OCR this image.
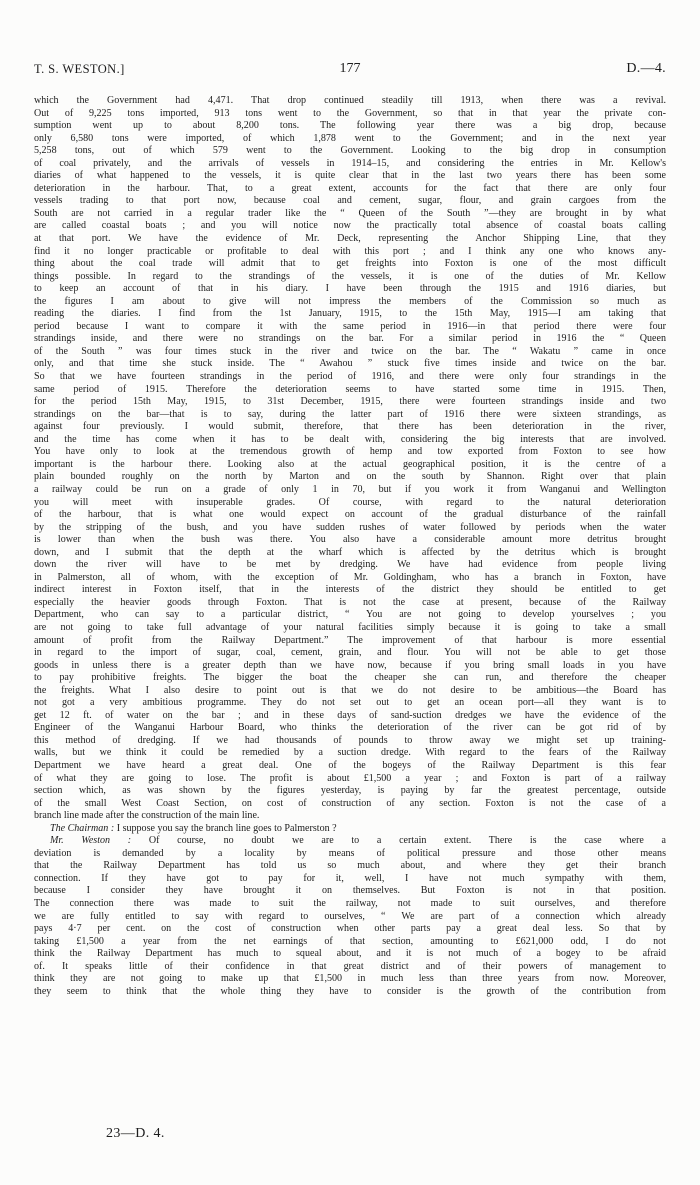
T. S. WESTON.]	177	D.—4.
which the Government had 4,471. That drop continued steadily till 1913, when there was a revival.
Out of 9,225 tons imported, 913 tons went to the Government, so that in that year the private con-
sumption went up to about 8,200 tons. The following year there was a big drop, because
only 6,580 tons were imported, of which 1,878 went to the Government; and in the next year
5,258 tons, out of which 579 went to the Government. Looking to the big drop in consumption
of coal privately, and the arrivals of vessels in 1914–15, and considering the entries in Mr. Kellow's
diaries of what happened to the vessels, it is quite clear that in the last two years there has been some
deterioration in the harbour. That, to a great extent, accounts for the fact that there are only four
vessels trading to that port now, because coal and cement, sugar, flour, and grain cargoes from the
South are not carried in a regular trader like the “ Queen of the South ”—they are brought in by what
are called coastal boats ; and you will notice now the practically total absence of coastal boats calling
at that port. We have the evidence of Mr. Deck, representing the Anchor Shipping Line, that they
find it no longer practicable or profitable to deal with this port ; and I think any one who knows any-
thing about the coal trade will admit that to get freights into Foxton is one of the most difficult
things possible. In regard to the strandings of the vessels, it is one of the duties of Mr. Kellow
to keep an account of that in his diary. I have been through the 1915 and 1916 diaries, but
the figures I am about to give will not impress the members of the Commission so much as
reading the diaries. I find from the 1st January, 1915, to the 15th May, 1915—I am taking that
period because I want to compare it with the same period in 1916—in that period there were four
strandings inside, and there were no strandings on the bar. For a similar period in 1916 the “ Queen
of the South ” was four times stuck in the river and twice on the bar. The “ Wakatu ” came in once
only, and that time she stuck inside. The “ Awahou ” stuck five times inside and twice on the bar.
So that we have fourteen strandings in the period of 1916, and there were only four strandings in the
same period of 1915. Therefore the deterioration seems to have started some time in 1915. Then,
for the period 15th May, 1915, to 31st December, 1915, there were fourteen strandings inside and two
strandings on the bar—that is to say, during the latter part of 1916 there were sixteen strandings, as
against four previously. I would submit, therefore, that there has been deterioration in the river,
and the time has come when it has to be dealt with, considering the big interests that are involved.
You have only to look at the tremendous growth of hemp and tow exported from Foxton to see how
important is the harbour there. Looking also at the actual geographical position, it is the centre of a
plain bounded roughly on the north by Marton and on the south by Shannon. Right over that plain
a railway could be run on a grade of only 1 in 70, but if you work it from Wanganui and Wellington
you will meet with insuperable grades. Of course, with regard to the natural deterioration
of the harbour, that is what one would expect on account of the gradual disturbance of the rainfall
by the stripping of the bush, and you have sudden rushes of water followed by periods when the water
is lower than when the bush was there. You also have a considerable amount more detritus brought
down, and I submit that the depth at the wharf which is affected by the detritus which is brought
down the river will have to be met by dredging. We have had evidence from people living
in Palmerston, all of whom, with the exception of Mr. Goldingham, who has a branch in Foxton, have
indirect interest in Foxton itself, that in the interests of the district they should be entitled to get
especially the heavier goods through Foxton. That is not the case at present, because of the Railway
Department, who can say to a particular district, “ You are not going to develop yourselves ; you
are not going to take full advantage of your natural facilities simply because it is going to take a small
amount of profit from the Railway Department.” The improvement of that harbour is more essential
in regard to the import of sugar, coal, cement, grain, and flour. You will not be able to get those
goods in unless there is a greater depth than we have now, because if you bring small loads in you have
to pay prohibitive freights. The bigger the boat the cheaper she can run, and therefore the cheaper
the freights. What I also desire to point out is that we do not desire to be ambitious—the Board has
not got a very ambitious programme. They do not set out to get an ocean port—all they want is to
get 12 ft. of water on the bar ; and in these days of sand-suction dredges we have the evidence of the
Engineer of the Wanganui Harbour Board, who thinks the deterioration of the river can be got rid of by
this method of dredging. If we had thousands of pounds to throw away we might set up training-
walls, but we think it could be remedied by a suction dredge. With regard to the fears of the Railway
Department we have heard a great deal. One of the bogeys of the Railway Department is this fear
of what they are going to lose. The profit is about £1,500 a year ; and Foxton is part of a railway
section which, as was shown by the figures yesterday, is paying by far the greatest percentage, outside
of the small West Coast Section, on cost of construction of any section. Foxton is not the case of a
branch line made after the construction of the main line.
The Chairman : I suppose you say the branch line goes to Palmerston ?
Mr. Weston : Of course, no doubt we are to a certain extent. There is the case where a
deviation is demanded by a locality by means of political pressure and those other means
that the Railway Department has told us so much about, and where they get their branch
connection. If they have got to pay for it, well, I have not much sympathy with them,
because I consider they have brought it on themselves. But Foxton is not in that position.
The connection there was made to suit the railway, not made to suit ourselves, and therefore
we are fully entitled to say with regard to ourselves, “ We are part of a connection which already
pays 4·7 per cent. on the cost of construction when other parts pay a great deal less. So that by
taking £1,500 a year from the net earnings of that section, amounting to £621,000 odd, I do not
think the Railway Department has much to squeal about, and it is not much of a bogey to be afraid
of. It speaks little of their confidence in that great district and of their powers of management to
think they are not going to make up that £1,500 in much less than three years from now. Moreover,
they seem to think that the whole thing they have to consider is the growth of the contribution from
23—D. 4.
